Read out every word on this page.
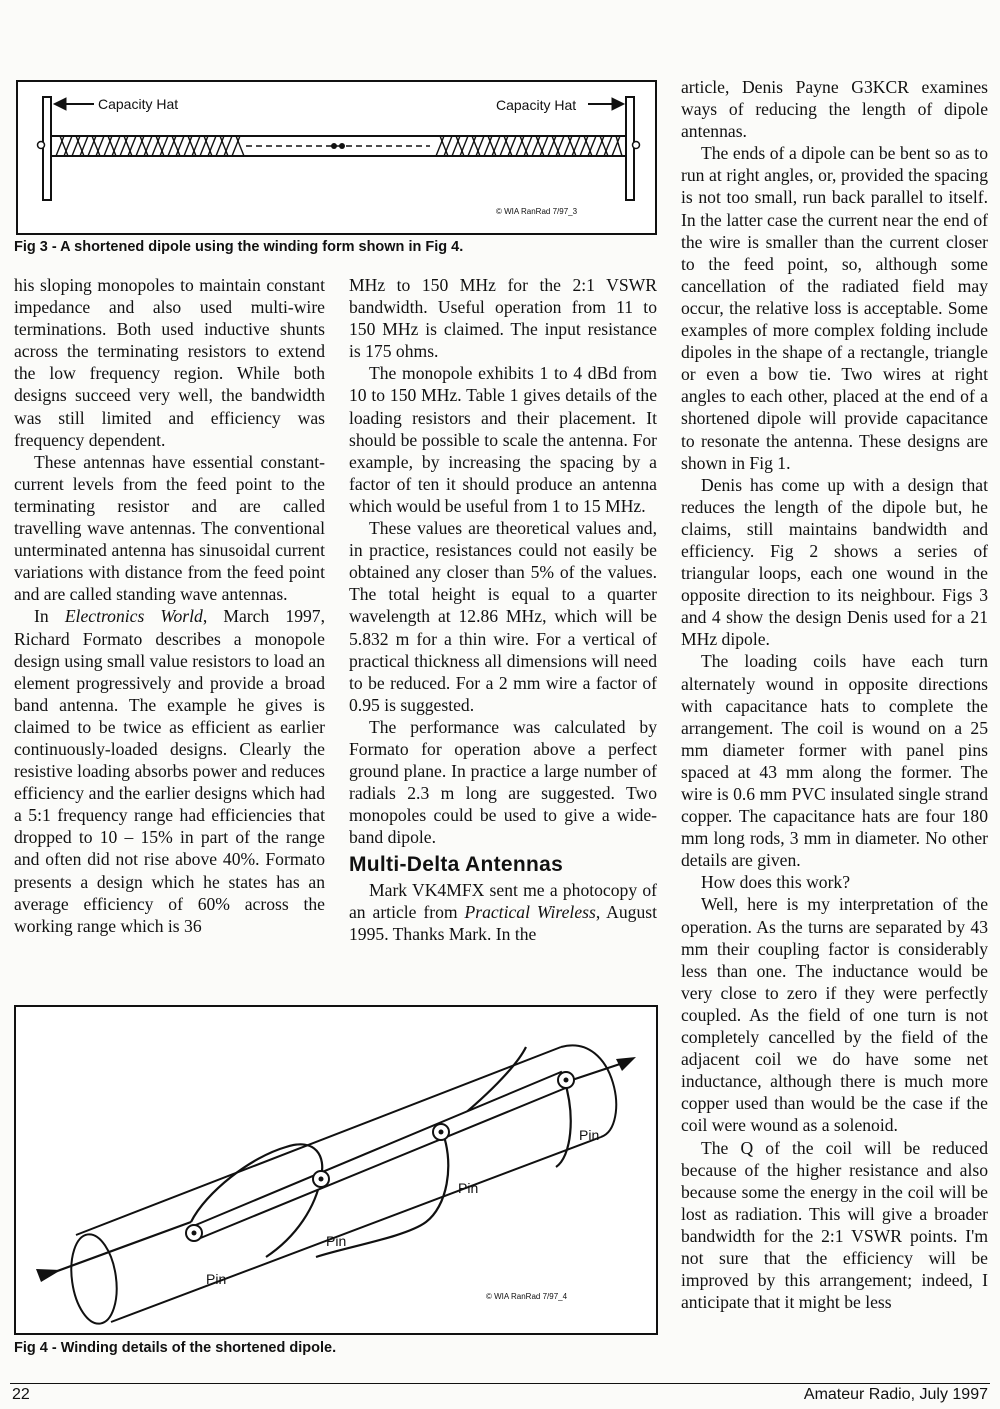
Capacity Hat	Capacity Hat
© WIA RanRad 7/97_3
Fig 3 - A shortened dipole using the winding form shown in Fig 4.

his sloping monopoles to maintain constant impedance and also used multi-wire terminations. Both used inductive shunts across the terminating resistors to extend the low frequency region. While both designs succeed very well, the bandwidth was still limited and efficiency was frequency dependent.

These antennas have essential constant-current levels from the feed point to the terminating resistor and are called travelling wave antennas. The conventional unterminated antenna has sinusoidal current variations with distance from the feed point and are called standing wave antennas.

In Electronics World, March 1997, Richard Formato describes a monopole design using small value resistors to load an element progressively and provide a broad band antenna. The example he gives is claimed to be twice as efficient as earlier continuously-loaded designs. Clearly the resistive loading absorbs power and reduces efficiency and the earlier designs which had a 5:1 frequency range had efficiencies that dropped to 10 – 15% in part of the range and often did not rise above 40%. Formato presents a design which he states has an average efficiency of 60% across the working range which is 36

MHz to 150 MHz for the 2:1 VSWR bandwidth. Useful operation from 11 to 150 MHz is claimed. The input resistance is 175 ohms.

The monopole exhibits 1 to 4 dBd from 10 to 150 MHz. Table 1 gives details of the loading resistors and their placement. It should be possible to scale the antenna. For example, by increasing the spacing by a factor of ten it should produce an antenna which would be useful from 1 to 15 MHz.

These values are theoretical values and, in practice, resistances could not easily be obtained any closer than 5% of the values. The total height is equal to a quarter wavelength at 12.86 MHz, which will be 5.832 m for a thin wire. For a vertical of practical thickness all dimensions will need to be reduced. For a 2 mm wire a factor of 0.95 is suggested.

The performance was calculated by Formato for operation above a perfect ground plane. In practice a large number of radials 2.3 m long are suggested. Two monopoles could be used to give a wide-band dipole.

Multi-Delta Antennas

Mark VK4MFX sent me a photocopy of an article from Practical Wireless, August 1995. Thanks Mark. In the

article, Denis Payne G3KCR examines ways of reducing the length of dipole antennas.

The ends of a dipole can be bent so as to run at right angles, or, provided the spacing is not too small, run back parallel to itself. In the latter case the current near the end of the wire is smaller than the current closer to the feed point, so, although some cancellation of the radiated field may occur, the relative loss is acceptable. Some examples of more complex folding include dipoles in the shape of a rectangle, triangle or even a bow tie. Two wires at right angles to each other, placed at the end of a shortened dipole will provide capacitance to resonate the antenna. These designs are shown in Fig 1.

Denis has come up with a design that reduces the length of the dipole but, he claims, still maintains bandwidth and efficiency. Fig 2 shows a series of triangular loops, each one wound in the opposite direction to its neighbour. Figs 3 and 4 show the design Denis used for a 21 MHz dipole.

The loading coils have each turn alternately wound in opposite directions with capacitance hats to complete the arrangement. The coil is wound on a 25 mm diameter former with panel pins spaced at 43 mm along the former. The wire is 0.6 mm PVC insulated single strand copper. The capacitance hats are four 180 mm long rods, 3 mm in diameter. No other details are given.

How does this work?

Well, here is my interpretation of the operation. As the turns are separated by 43 mm their coupling factor is considerably less than one. The inductance would be very close to zero if they were perfectly coupled. As the field of one turn is not completely cancelled by the field of the adjacent coil we do have some net inductance, although there is much more copper used than would be the case if the coil were wound as a solenoid.

The Q of the coil will be reduced because of the higher resistance and also because some the energy in the coil will be lost as radiation. This will give a broader bandwidth for the 2:1 VSWR points. I'm not sure that the efficiency will be improved by this arrangement; indeed, I anticipate that it might be less

Pin
Pin
Pin
Pin
© WIA RanRad 7/97_4
Fig 4 - Winding details of the shortened dipole.
22	Amateur Radio, July 1997
